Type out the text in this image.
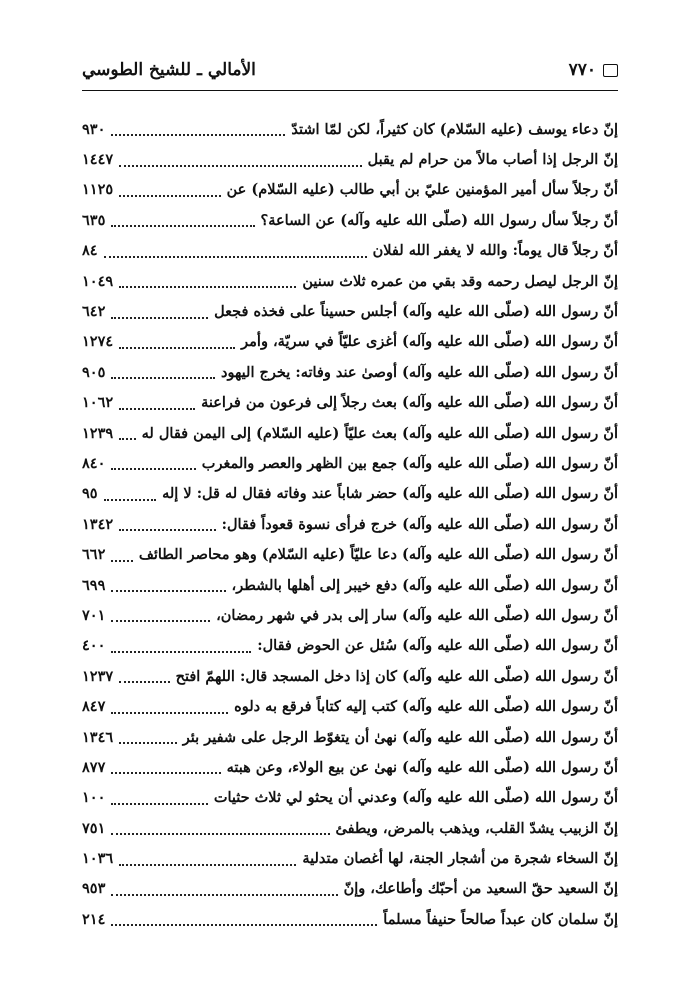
٧٧٠
الأمالي ـ للشيخ الطوسي
إنّ دعاء يوسف (عليه السّلام) كان كثيراً، لكن لمّا اشتدّ
٩٣٠
إنّ الرجل إذا أصاب مالاً من حرام لم يقبل
١٤٤٧
أنّ رجلاً سأل أمير المؤمنين عليّ بن أبي طالب (عليه السّلام) عن
١١٢٥
أنّ رجلاً سأل رسول الله (صلّى الله عليه وآله) عن الساعة؟
٦٣٥
أنّ رجلاً قال يوماً: والله لا يغفر الله لفلان
٨٤
إنّ الرجل ليصل رحمه وقد بقي من عمره ثلاث سنين
١٠٤٩
أنّ رسول الله (صلّى الله عليه وآله) أجلس حسيناً على فخذه فجعل
٦٤٢
أنّ رسول الله (صلّى الله عليه وآله) أغزى عليّاً في سريّة، وأمر
١٢٧٤
أنّ رسول الله (صلّى الله عليه وآله) أوصىٰ عند وفاته: يخرج اليهود
٩٠٥
أنّ رسول الله (صلّى الله عليه وآله) بعث رجلاً إلى فرعون من فراعنة
١٠٦٢
أنّ رسول الله (صلّى الله عليه وآله) بعث عليّاً (عليه السّلام) إلى اليمن فقال له
١٢٣٩
أنّ رسول الله (صلّى الله عليه وآله) جمع بين الظهر والعصر والمغرب
٨٤٠
أنّ رسول الله (صلّى الله عليه وآله) حضر شاباً عند وفاته فقال له قل: لا إله
٩٥
أنّ رسول الله (صلّى الله عليه وآله) خرج فرأى نسوة قعوداً فقال:
١٣٤٢
أنّ رسول الله (صلّى الله عليه وآله) دعا عليّاً (عليه السّلام) وهو محاصر الطائف
٦٦٢
أنّ رسول الله (صلّى الله عليه وآله) دفع خيبر إلى أهلها بالشطر،
٦٩٩
أنّ رسول الله (صلّى الله عليه وآله) سار إلى بدر في شهر رمضان،
٧٠١
أنّ رسول الله (صلّى الله عليه وآله) سُئل عن الحوض فقال:
٤٠٠
أنّ رسول الله (صلّى الله عليه وآله) كان إذا دخل المسجد قال: اللهمّ افتح
١٢٣٧
أنّ رسول الله (صلّى الله عليه وآله) كتب إليه كتاباً فرقع به دلوه
٨٤٧
أنّ رسول الله (صلّى الله عليه وآله) نهىٰ أن يتغوّط الرجل على شفير بئر
١٣٤٦
أنّ رسول الله (صلّى الله عليه وآله) نهىٰ عن بيع الولاء، وعن هبته
٨٧٧
أنّ رسول الله (صلّى الله عليه وآله) وعدني أن يحثو لي ثلاث حثيات
١٠٠
إنّ الزبيب يشدّ القلب، ويذهب بالمرض، ويطفئ
٧٥١
إنّ السخاء شجرة من أشجار الجنة، لها أغصان متدلية
١٠٣٦
إنّ السعيد حقّ السعيد من أحبّك وأطاعك، وإنّ
٩٥٣
إنّ سلمان كان عبداً صالحاً حنيفاً مسلماً
٢١٤
